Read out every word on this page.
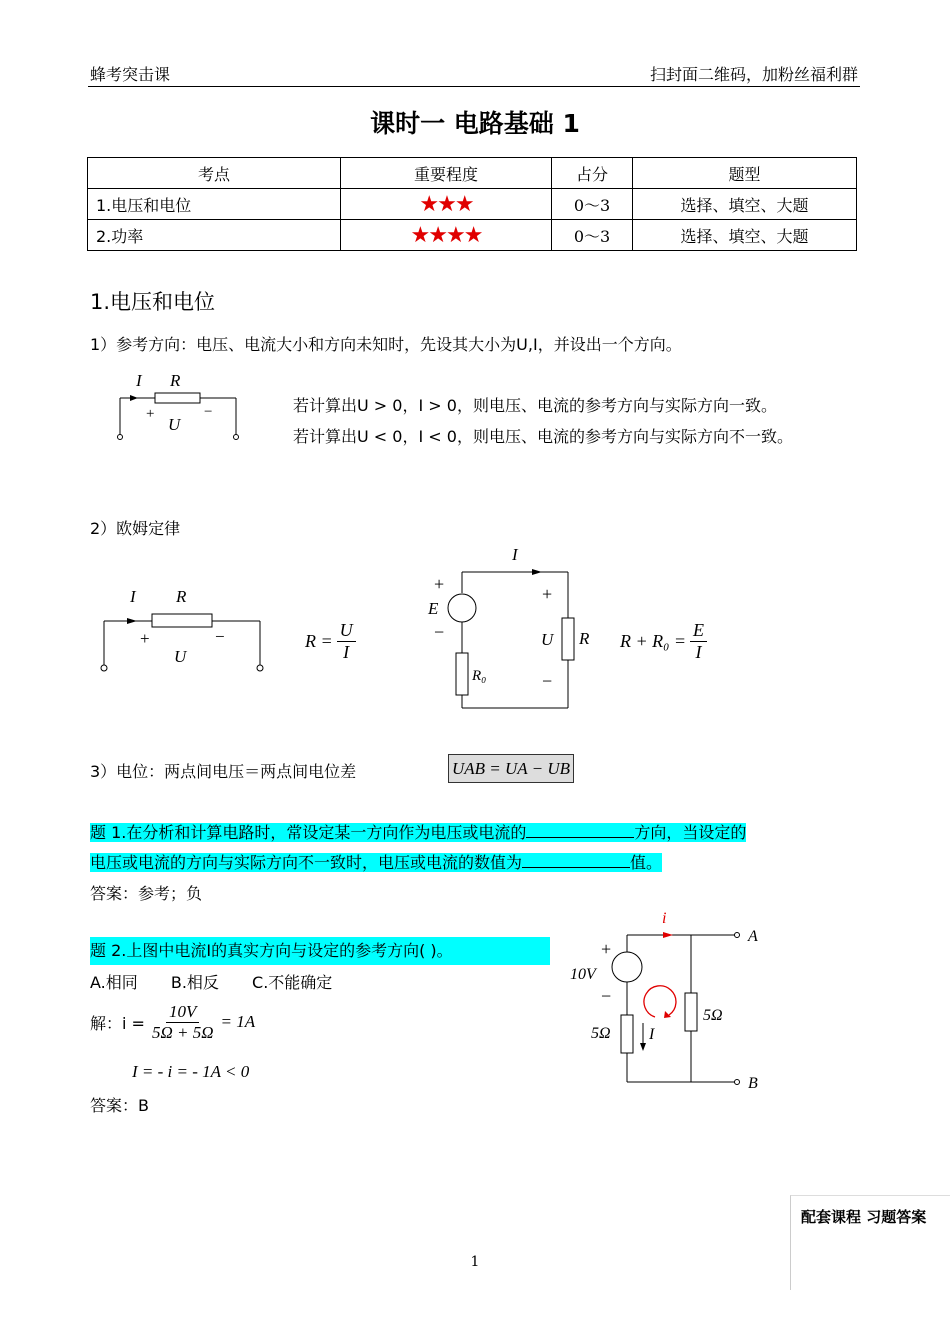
蜂考突击课	扫封面二维码，加粉丝福利群
课时一 电路基础 1
考点	重要程度	占分	题型
1.电压和电位	★★★	0～3	选择、填空、大题
2.功率	★★★★	0～3	选择、填空、大题
1.电压和电位
1）参考方向：电压、电流大小和方向未知时，先设其大小为U,I，并设出一个方向。
I R
+	−
U
若计算出U > 0，I > 0，则电压、电流的参考方向与实际方向一致。
若计算出U < 0，I < 0，则电压、电流的参考方向与实际方向不一致。
2）欧姆定律
I R
+	−
U
$R = \frac{U}{I}$
I
+
E
−
+
U R
−
R₀
$R + R_0 = \frac{E}{I}$
3）电位：两点间电压＝两点间电位差	UAB = UA − UB
题 1.在分析和计算电路时，常设定某一方向作为电压或电流的	方向，当设定的
电压或电流的方向与实际方向不一致时，电压或电流的数值为	值。
答案：参考；负
题 2.上图中电流I的真实方向与设定的参考方向( )。
A.相同 B.相反 C.不能确定
解：$i = \frac{10V}{5\Omega + 5\Omega} = 1A$
I = - i = - 1A < 0
答案：B
i
A
B
+
10V
−
5Ω
5Ω
I
1
配套课程 习题答案
